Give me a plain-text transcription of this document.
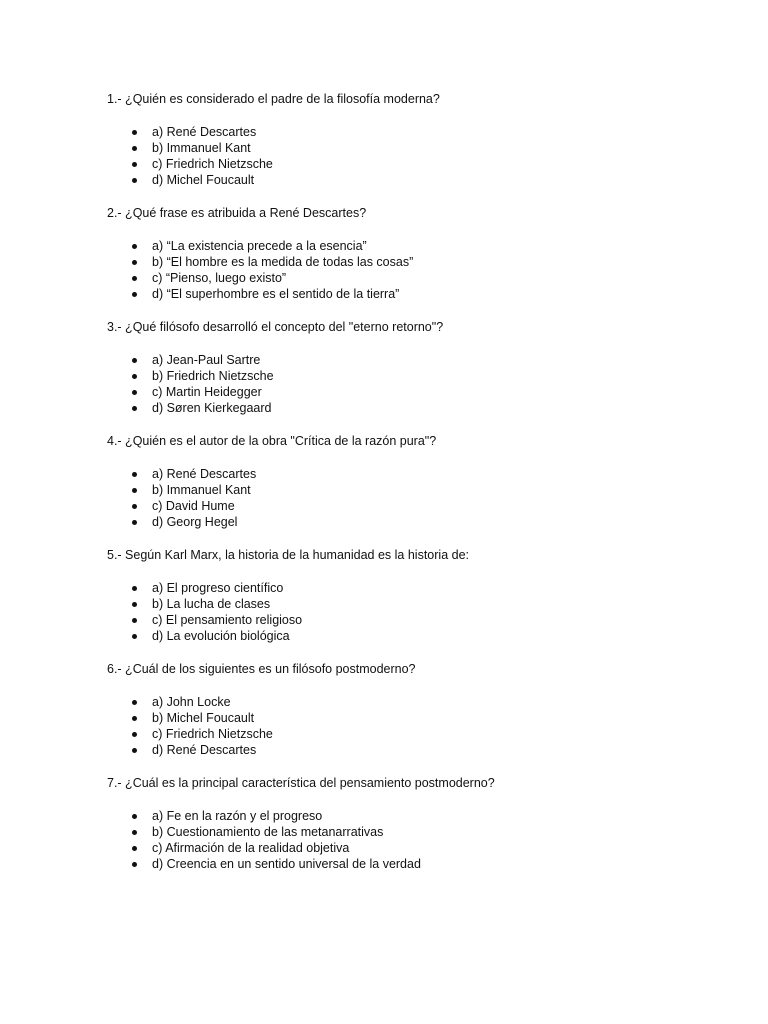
1.- ¿Quién es considerado el padre de la filosofía moderna?
a) René Descartes
b) Immanuel Kant
c) Friedrich Nietzsche
d) Michel Foucault
2.- ¿Qué frase es atribuida a René Descartes?
a) “La existencia precede a la esencia”
b) “El hombre es la medida de todas las cosas”
c) “Pienso, luego existo”
d) “El superhombre es el sentido de la tierra”
3.- ¿Qué filósofo desarrolló el concepto del "eterno retorno"?
a) Jean-Paul Sartre
b) Friedrich Nietzsche
c) Martin Heidegger
d) Søren Kierkegaard
4.- ¿Quién es el autor de la obra "Crítica de la razón pura"?
a) René Descartes
b) Immanuel Kant
c) David Hume
d) Georg Hegel
5.- Según Karl Marx, la historia de la humanidad es la historia de:
a) El progreso científico
b) La lucha de clases
c) El pensamiento religioso
d) La evolución biológica
6.- ¿Cuál de los siguientes es un filósofo postmoderno?
a) John Locke
b) Michel Foucault
c) Friedrich Nietzsche
d) René Descartes
7.- ¿Cuál es la principal característica del pensamiento postmoderno?
a) Fe en la razón y el progreso
b) Cuestionamiento de las metanarrativas
c) Afirmación de la realidad objetiva
d) Creencia en un sentido universal de la verdad
